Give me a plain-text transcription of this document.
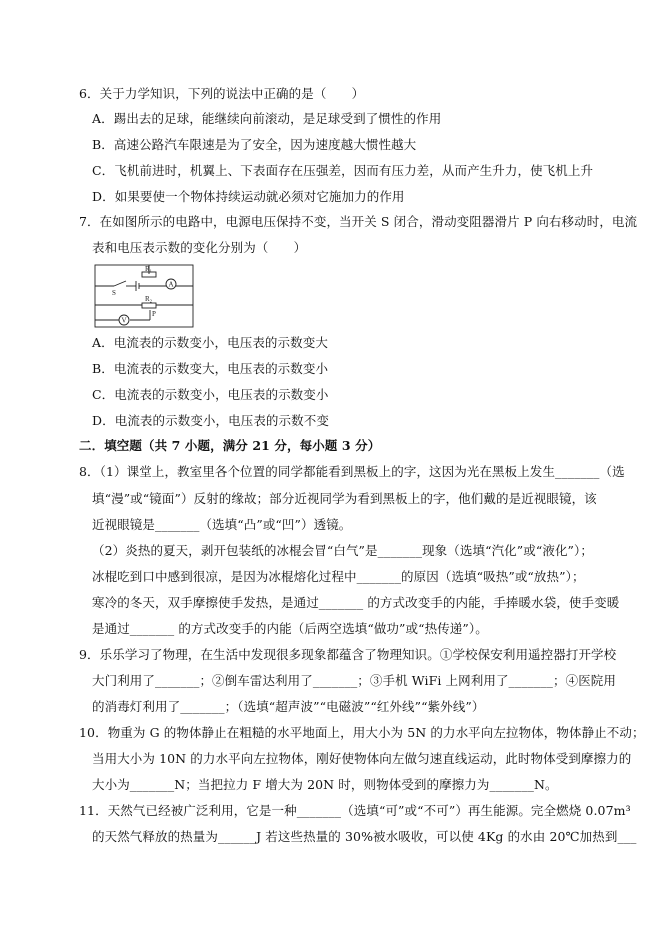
6．关于力学知识，下列的说法中正确的是（　　）
A．踢出去的足球，能继续向前滚动，是足球受到了惯性的作用
B．高速公路汽车限速是为了安全，因为速度越大惯性越大
C．飞机前进时，机翼上、下表面存在压强差，因而有压力差，从而产生升力，使飞机上升
D．如果要使一个物体持续运动就必须对它施加力的作用
7．在如图所示的电路中，电源电压保持不变，当开关 S 闭合，滑动变阻器滑片 P 向右移动时，电流
表和电压表示数的变化分别为（　　）
R₁
A
S
R₂
P
V
A．电流表的示数变小，电压表的示数变大
B．电流表的示数变大，电压表的示数变小
C．电流表的示数变小，电压表的示数变小
D．电流表的示数变小，电压表的示数不变
二．填空题（共 7 小题，满分 21 分，每小题 3 分）
8．（1）课堂上，教室里各个位置的同学都能看到黑板上的字，这因为光在黑板上发生_______（选
填“漫”或“镜面”）反射的缘故；部分近视同学为看到黑板上的字，他们戴的是近视眼镜，该
近视眼镜是_______（选填“凸”或“凹”）透镜。
（2）炎热的夏天，剥开包装纸的冰棍会冒“白气”是_______现象（选填“汽化”或“液化”）；
冰棍吃到口中感到很凉，是因为冰棍熔化过程中_______的原因（选填“吸热”或“放热”）；
寒冷的冬天，双手摩擦使手发热，是通过_______ 的方式改变手的内能，手捧暖水袋，使手变暖
是通过_______ 的方式改变手的内能（后两空选填“做功”或“热传递”）。
9．乐乐学习了物理，在生活中发现很多现象都蕴含了物理知识。①学校保安利用遥控器打开学校
大门利用了_______；②倒车雷达利用了_______；③手机 WiFi 上网利用了_______；④医院用
的消毒灯利用了_______；（选填“超声波”“电磁波”“红外线”“紫外线”）
10．物重为 G 的物体静止在粗糙的水平地面上，用大小为 5N 的力水平向左拉物体，物体静止不动；
当用大小为 10N 的力水平向左拉物体，刚好使物体向左做匀速直线运动，此时物体受到摩擦力的
大小为_______N；当把拉力 F 增大为 20N 时，则物体受到的摩擦力为_______N。
11．天然气已经被广泛利用，它是一种_______（选填“可”或“不可”）再生能源。完全燃烧 0.07m³
的天然气释放的热量为______J 若这些热量的 30%被水吸收，可以使 4Kg 的水由 20℃加热到___
